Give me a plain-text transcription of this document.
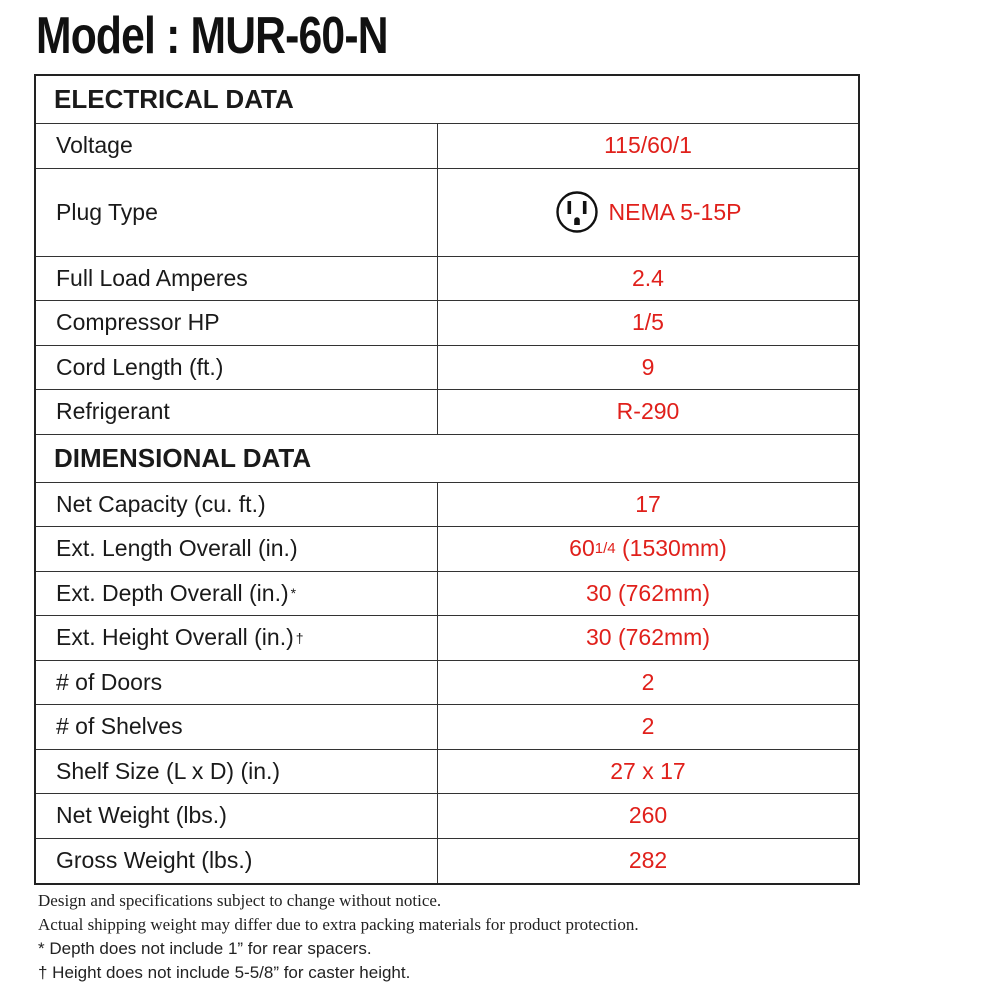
Model : MUR-60-N
ELECTRICAL DATA
Voltage	115/60/1
Plug Type	NEMA 5-15P
Full Load Amperes	2.4
Compressor HP	1/5
Cord Length (ft.)	9
Refrigerant	R-290
DIMENSIONAL DATA
Net Capacity (cu. ft.)	17
Ext. Length Overall (in.)	60 1/4 (1530mm)
Ext. Depth Overall (in.) *	30 (762mm)
Ext. Height Overall (in.) †	30 (762mm)
# of Doors	2
# of Shelves	2
Shelf Size (L x D) (in.)	27 x 17
Net Weight (lbs.)	260
Gross Weight (lbs.)	282
Design and specifications subject to change without notice.
Actual shipping weight may differ due to extra packing materials for product protection.
* Depth does not include 1” for rear spacers.
† Height does not include 5-5/8” for caster height.
